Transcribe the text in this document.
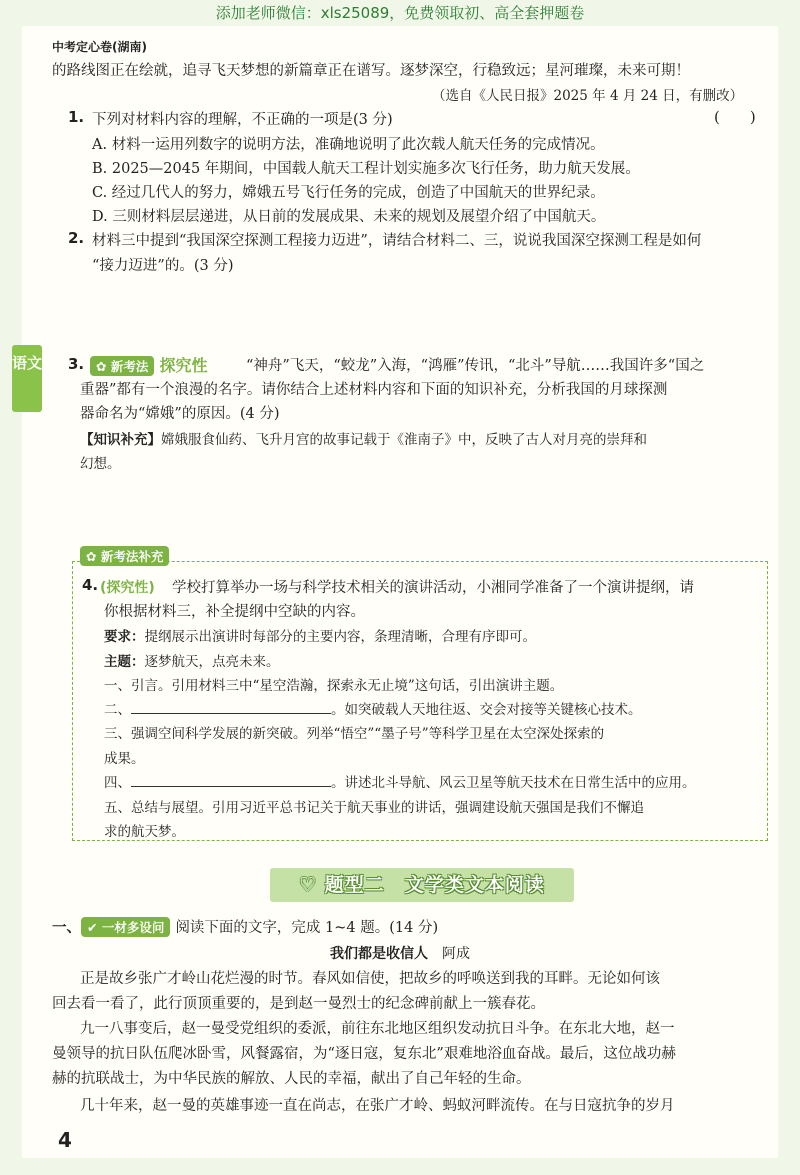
添加老师微信：xls25089，免费领取初、高全套押题卷
中考定心卷(湖南)
的路线图正在绘就，追寻飞天梦想的新篇章正在谱写。逐梦深空，行稳致远；星河璀璨，未来可期！
（选自《人民日报》2025 年 4 月 24 日，有删改）
1. 下列对材料内容的理解，不正确的一项是(3 分)	(　　)
A. 材料一运用列数字的说明方法，准确地说明了此次载人航天任务的完成情况。
B. 2025—2045 年期间，中国载人航天工程计划实施多次飞行任务，助力航天发展。
C. 经过几代人的努力，嫦娥五号飞行任务的完成，创造了中国航天的世界纪录。
D. 三则材料层层递进，从日前的发展成果、未来的规划及展望介绍了中国航天。
2. 材料三中提到“我国深空探测工程接力迈进”，请结合材料二、三，说说我国深空探测工程是如何
“接力迈进”的。(3 分)
语文 3. ✿ 新考法 探究性	“神舟”飞天，“蛟龙”入海，“鸿雁”传讯，“北斗”导航……我国许多“国之
重器”都有一个浪漫的名字。请你结合上述材料内容和下面的知识补充，分析我国的月球探测
器命名为“嫦娥”的原因。(4 分)
【知识补充】嫦娥服食仙药、飞升月宫的故事记载于《淮南子》中，反映了古人对月亮的崇拜和
幻想。
✿ 新考法补充
4. (探究性) 学校打算举办一场与科学技术相关的演讲活动，小湘同学准备了一个演讲提纲，请
你根据材料三，补全提纲中空缺的内容。
要求：提纲展示出演讲时每部分的主要内容，条理清晰，合理有序即可。
主题：逐梦航天，点亮未来。
一、引言。引用材料三中“星空浩瀚，探索永无止境”这句话，引出演讲主题。
二、	。如突破载人天地往返、交会对接等关键核心技术。
三、强调空间科学发展的新突破。列举“悟空”“墨子号”等科学卫星在太空深处探索的
成果。
四、	。讲述北斗导航、风云卫星等航天技术在日常生活中的应用。
五、总结与展望。引用习近平总书记关于航天事业的讲话，强调建设航天强国是我们不懈追
求的航天梦。
♡ 题型二　 文学类文本阅读
一、 ✔ 一材多设问 阅读下面的文字，完成 1~4 题。(14 分)
我们都是收信人　 阿成
正是故乡张广才岭山花烂漫的时节。春风如信使，把故乡的呼唤送到我的耳畔。无论如何该
回去看一看了，此行顶顶重要的，是到赵一曼烈士的纪念碑前献上一簇春花。
九一八事变后，赵一曼受党组织的委派，前往东北地区组织发动抗日斗争。在东北大地，赵一
曼领导的抗日队伍爬冰卧雪，风餐露宿，为“逐日寇，复东北”艰难地浴血奋战。最后，这位战功赫
赫的抗联战士，为中华民族的解放、人民的幸福，献出了自己年轻的生命。
几十年来，赵一曼的英雄事迹一直在尚志，在张广才岭、蚂蚁河畔流传。在与日寇抗争的岁月
4
